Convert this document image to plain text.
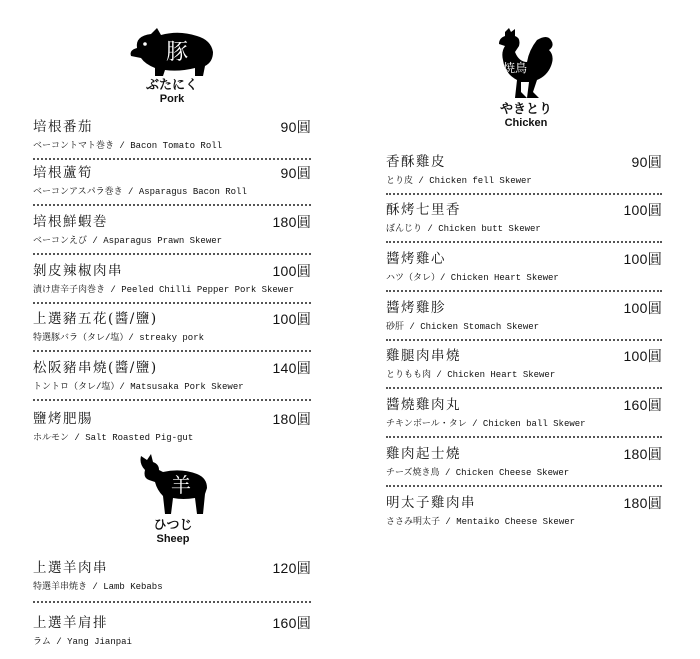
豚
ぶたにく
Pork
培根番茄	90圓
ベーコントマト巻き / Bacon Tomato Roll
培根蘆筍	90圓
ベーコンアスパラ巻き / Asparagus Bacon Roll
培根鮮蝦巻	180圓
ベーコンえび / Asparagus Prawn Skewer
剝皮辣椒肉串	100圓
漬け唐辛子肉巻き / Peeled Chilli Pepper Pork Skewer
上選豬五花(醬/鹽)	100圓
特選豚バラ（タレ/塩）/ streaky pork
松阪豬串燒(醬/鹽)	140圓
トントロ（タレ/塩）/ Matsusaka Pork Skewer
鹽烤肥腸	180圓
ホルモン / Salt Roasted Pig-gut
羊
ひつじ
Sheep
上選羊肉串	120圓
特選羊串焼き / Lamb Kebabs
上選羊肩排	160圓
ラム / Yang Jianpai
焼鳥
やきとり
Chicken
香酥雞皮	90圓
とり皮 / Chicken fell Skewer
酥烤七里香	100圓
ぼんじり / Chicken butt Skewer
醬烤雞心	100圓
ハツ（タレ）/ Chicken Heart Skewer
醬烤雞胗	100圓
砂肝 / Chicken Stomach Skewer
雞腿肉串燒	100圓
とりもも肉 / Chicken Heart Skewer
醬燒雞肉丸	160圓
チキンボール・タレ / Chicken ball Skewer
雞肉起士燒	180圓
チーズ焼き鳥 / Chicken Cheese Skewer
明太子雞肉串	180圓
ささみ明太子 / Mentaiko Cheese Skewer
